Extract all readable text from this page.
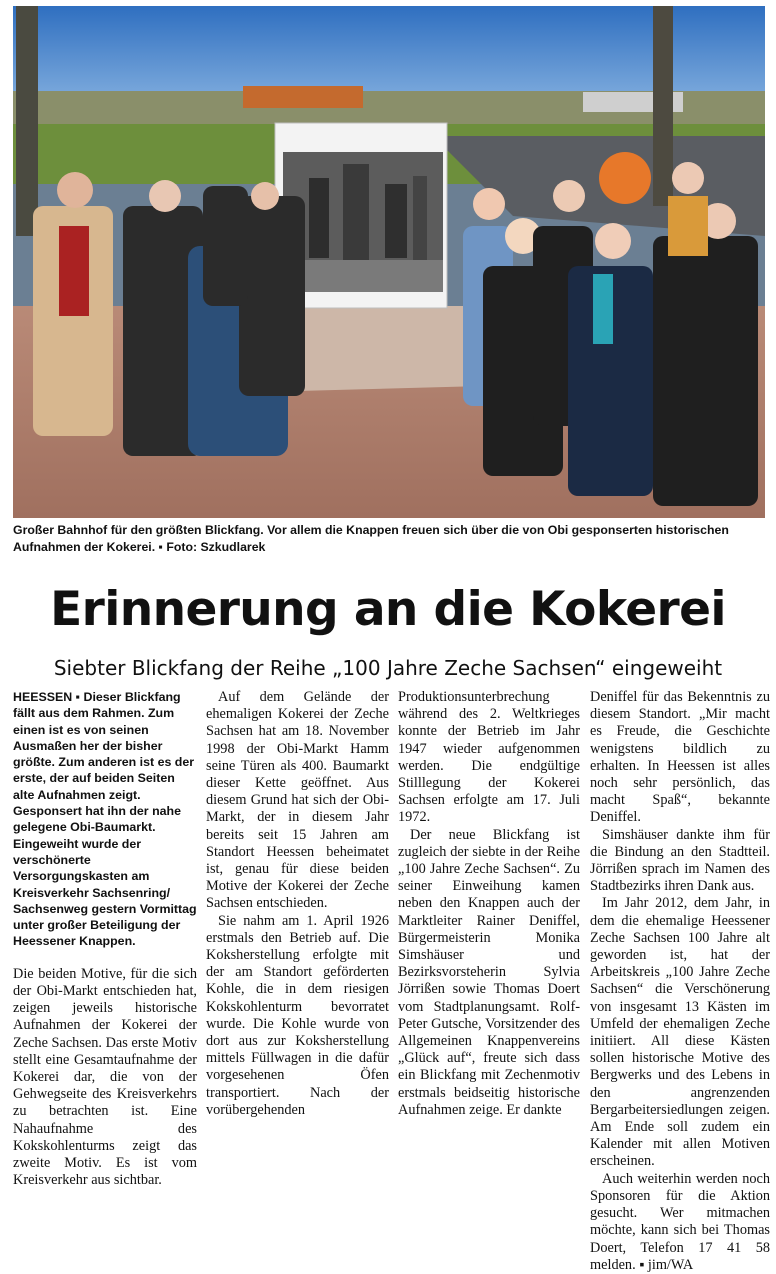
Großer Bahnhof für den größten Blickfang. Vor allem die Knappen freuen sich über die von Obi gesponserten historischen Aufnahmen der Kokerei. ▪ Foto: Szkudlarek
Erinnerung an die Kokerei
Siebter Blickfang der Reihe „100 Jahre Zeche Sachsen“ eingeweiht

HEESSEN ▪ Dieser Blickfang fällt aus dem Rahmen. Zum einen ist es von seinen Ausmaßen her der bisher größte. Zum anderen ist es der erste, der auf beiden Seiten alte Aufnahmen zeigt. Gesponsert hat ihn der nahe gelegene Obi-Baumarkt. Eingeweiht wurde der verschönerte Versorgungskasten am Kreisverkehr Sachsenring/ Sachsenweg gestern Vormittag unter großer Beteiligung der Heessener Knappen.

Die beiden Motive, für die sich der Obi-Markt entschieden hat, zeigen jeweils historische Aufnahmen der Kokerei der Zeche Sachsen. Das erste Motiv stellt eine Gesamtaufnahme der Kokerei dar, die von der Gehwegseite des Kreisverkehrs zu betrachten ist. Eine Nahaufnahme des Kokskohlenturms zeigt das zweite Motiv. Es ist vom Kreisverkehr aus sichtbar.

Auf dem Gelände der ehemaligen Kokerei der Zeche Sachsen hat am 18. November 1998 der Obi-Markt Hamm seine Türen als 400. Baumarkt dieser Kette geöffnet. Aus diesem Grund hat sich der Obi-Markt, der in diesem Jahr bereits seit 15 Jahren am Standort Heessen beheimatet ist, genau für diese beiden Motive der Kokerei der Zeche Sachsen entschieden.

Sie nahm am 1. April 1926 erstmals den Betrieb auf. Die Koksherstellung erfolgte mit der am Standort geförderten Kohle, die in dem riesigen Kokskohlenturm bevorratet wurde. Die Kohle wurde von dort aus zur Koksherstellung mittels Füllwagen in die dafür vorgesehenen Öfen transportiert. Nach der vorübergehenden

Produktionsunterbrechung während des 2. Weltkrieges konnte der Betrieb im Jahr 1947 wieder aufgenommen werden. Die endgültige Stilllegung der Kokerei Sachsen erfolgte am 17. Juli 1972.

Der neue Blickfang ist zugleich der siebte in der Reihe „100 Jahre Zeche Sachsen“. Zu seiner Einweihung kamen neben den Knappen auch der Marktleiter Rainer Deniffel, Bürgermeisterin Monika Simshäuser und Bezirksvorsteherin Sylvia Jörrißen sowie Thomas Doert vom Stadtplanungsamt. Rolf-Peter Gutsche, Vorsitzender des Allgemeinen Knappenvereins „Glück auf“, freute sich dass ein Blickfang mit Zechenmotiv erstmals beidseitig historische Aufnahmen zeige. Er dankte

Deniffel für das Bekenntnis zu diesem Standort. „Mir macht es Freude, die Geschichte wenigstens bildlich zu erhalten. In Heessen ist alles noch sehr persönlich, das macht Spaß“, bekannte Deniffel.

Simshäuser dankte ihm für die Bindung an den Stadtteil. Jörrißen sprach im Namen des Stadtbezirks ihren Dank aus.

Im Jahr 2012, dem Jahr, in dem die ehemalige Heessener Zeche Sachsen 100 Jahre alt geworden ist, hat der Arbeitskreis „100 Jahre Zeche Sachsen“ die Verschönerung von insgesamt 13 Kästen im Umfeld der ehemaligen Zeche initiiert. All diese Kästen sollen historische Motive des Bergwerks und des Lebens in den angrenzenden Bergarbeitersiedlungen zeigen. Am Ende soll zudem ein Kalender mit allen Motiven erscheinen.

Auch weiterhin werden noch Sponsoren für die Aktion gesucht. Wer mitmachen möchte, kann sich bei Thomas Doert, Telefon 17 41 58 melden. ▪ jim/WA
